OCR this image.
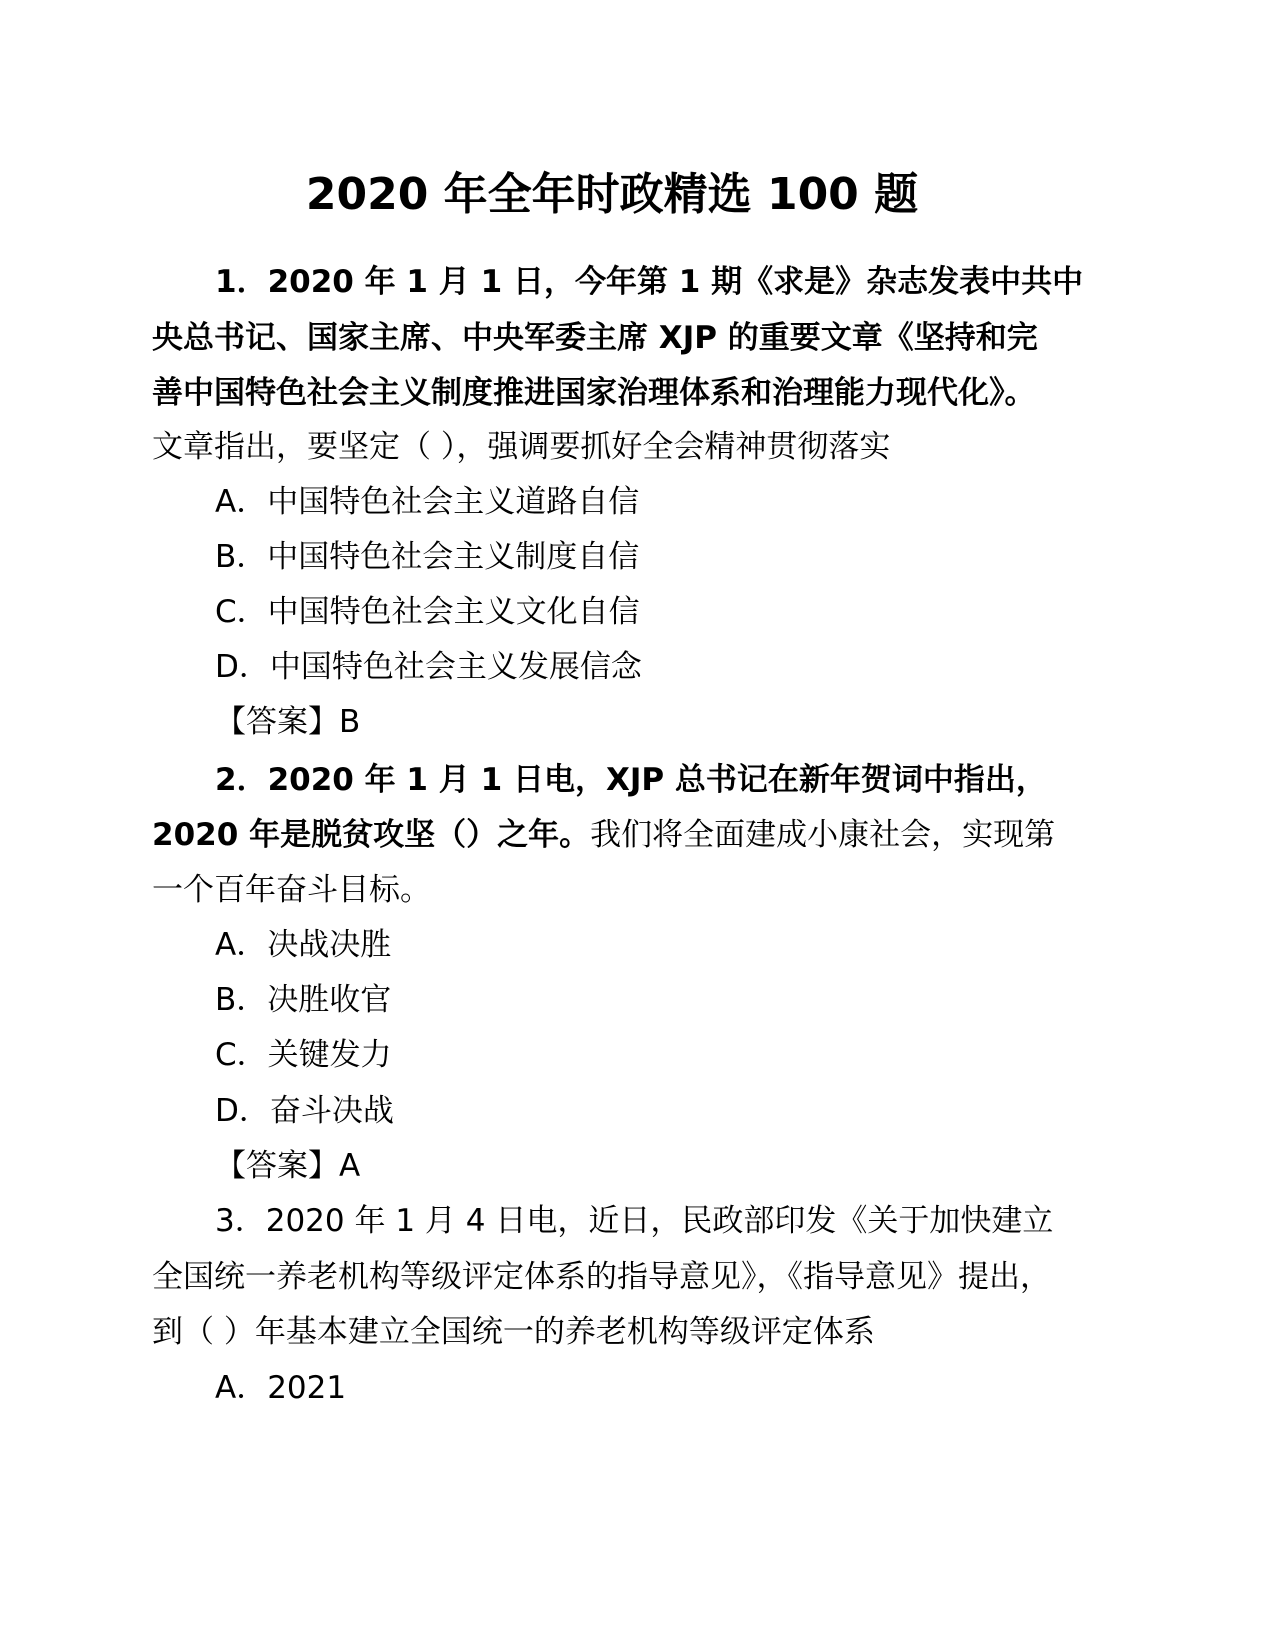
2020 年全年时政精选 100 题
1．2020 年 1 月 1 日，今年第 1 期《求是》杂志发表中共中
央总书记、国家主席、中央军委主席 XJP 的重要文章《坚持和完
善中国特色社会主义制度推进国家治理体系和治理能力现代化》。
文章指出，要坚定（ ），强调要抓好全会精神贯彻落实
A．中国特色社会主义道路自信
B．中国特色社会主义制度自信
C．中国特色社会主义文化自信
D．中国特色社会主义发展信念
【答案】B
2．2020 年 1 月 1 日电，XJP 总书记在新年贺词中指出，
2020 年是脱贫攻坚（）之年。我们将全面建成小康社会，实现第
一个百年奋斗目标。
A．决战决胜
B．决胜收官
C．关键发力
D．奋斗决战
【答案】A
3．2020 年 1 月 4 日电，近日，民政部印发《关于加快建立
全国统一养老机构等级评定体系的指导意见》，《指导意见》提出，
到（ ）年基本建立全国统一的养老机构等级评定体系
A．2021
